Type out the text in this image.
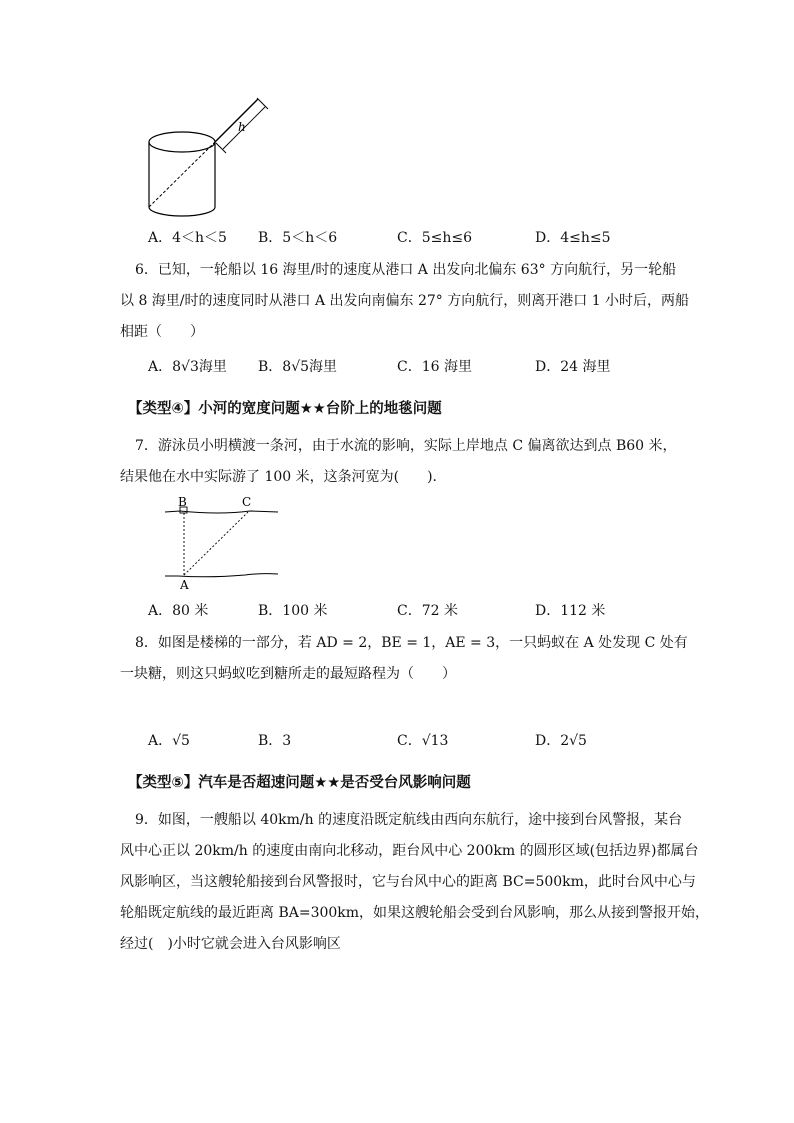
h
A．4＜h＜5 B．5＜h＜6	C．5≤h≤6	D．4≤h≤5
6．已知，一轮船以 16 海里/时的速度从港口 A 出发向北偏东 63° 方向航行，另一轮船
以 8 海里/时的速度同时从港口 A 出发向南偏东 27° 方向航行，则离开港口 1 小时后，两船
相距（　　）
A．8√3海里 B．8√5海里	C．16 海里	D．24 海里
【类型④】小河的宽度问题★★台阶上的地毯问题
7．游泳员小明横渡一条河，由于水流的影响，实际上岸地点 C 偏离欲达到点 B60 米，
结果他在水中实际游了 100 米，这条河宽为(　　).
B	C
A
A．80 米	B．100 米	C．72 米	D．112 米
8．如图是楼梯的一部分，若 AD = 2，BE = 1，AE = 3，一只蚂蚁在 A 处发现 C 处有
一块糖，则这只蚂蚁吃到糖所走的最短路程为（　　）
A．√5	B．3	C．√13	D．2√5
【类型⑤】汽车是否超速问题★★是否受台风影响问题
9．如图，一艘船以 40km/h 的速度沿既定航线由西向东航行，途中接到台风警报，某台
风中心正以 20km/h 的速度由南向北移动，距台风中心 200km 的圆形区域(包括边界)都属台
风影响区，当这艘轮船接到台风警报时，它与台风中心的距离 BC=500km，此时台风中心与
轮船既定航线的最近距离 BA=300km，如果这艘轮船会受到台风影响，那么从接到警报开始，
经过(　)小时它就会进入台风影响区
